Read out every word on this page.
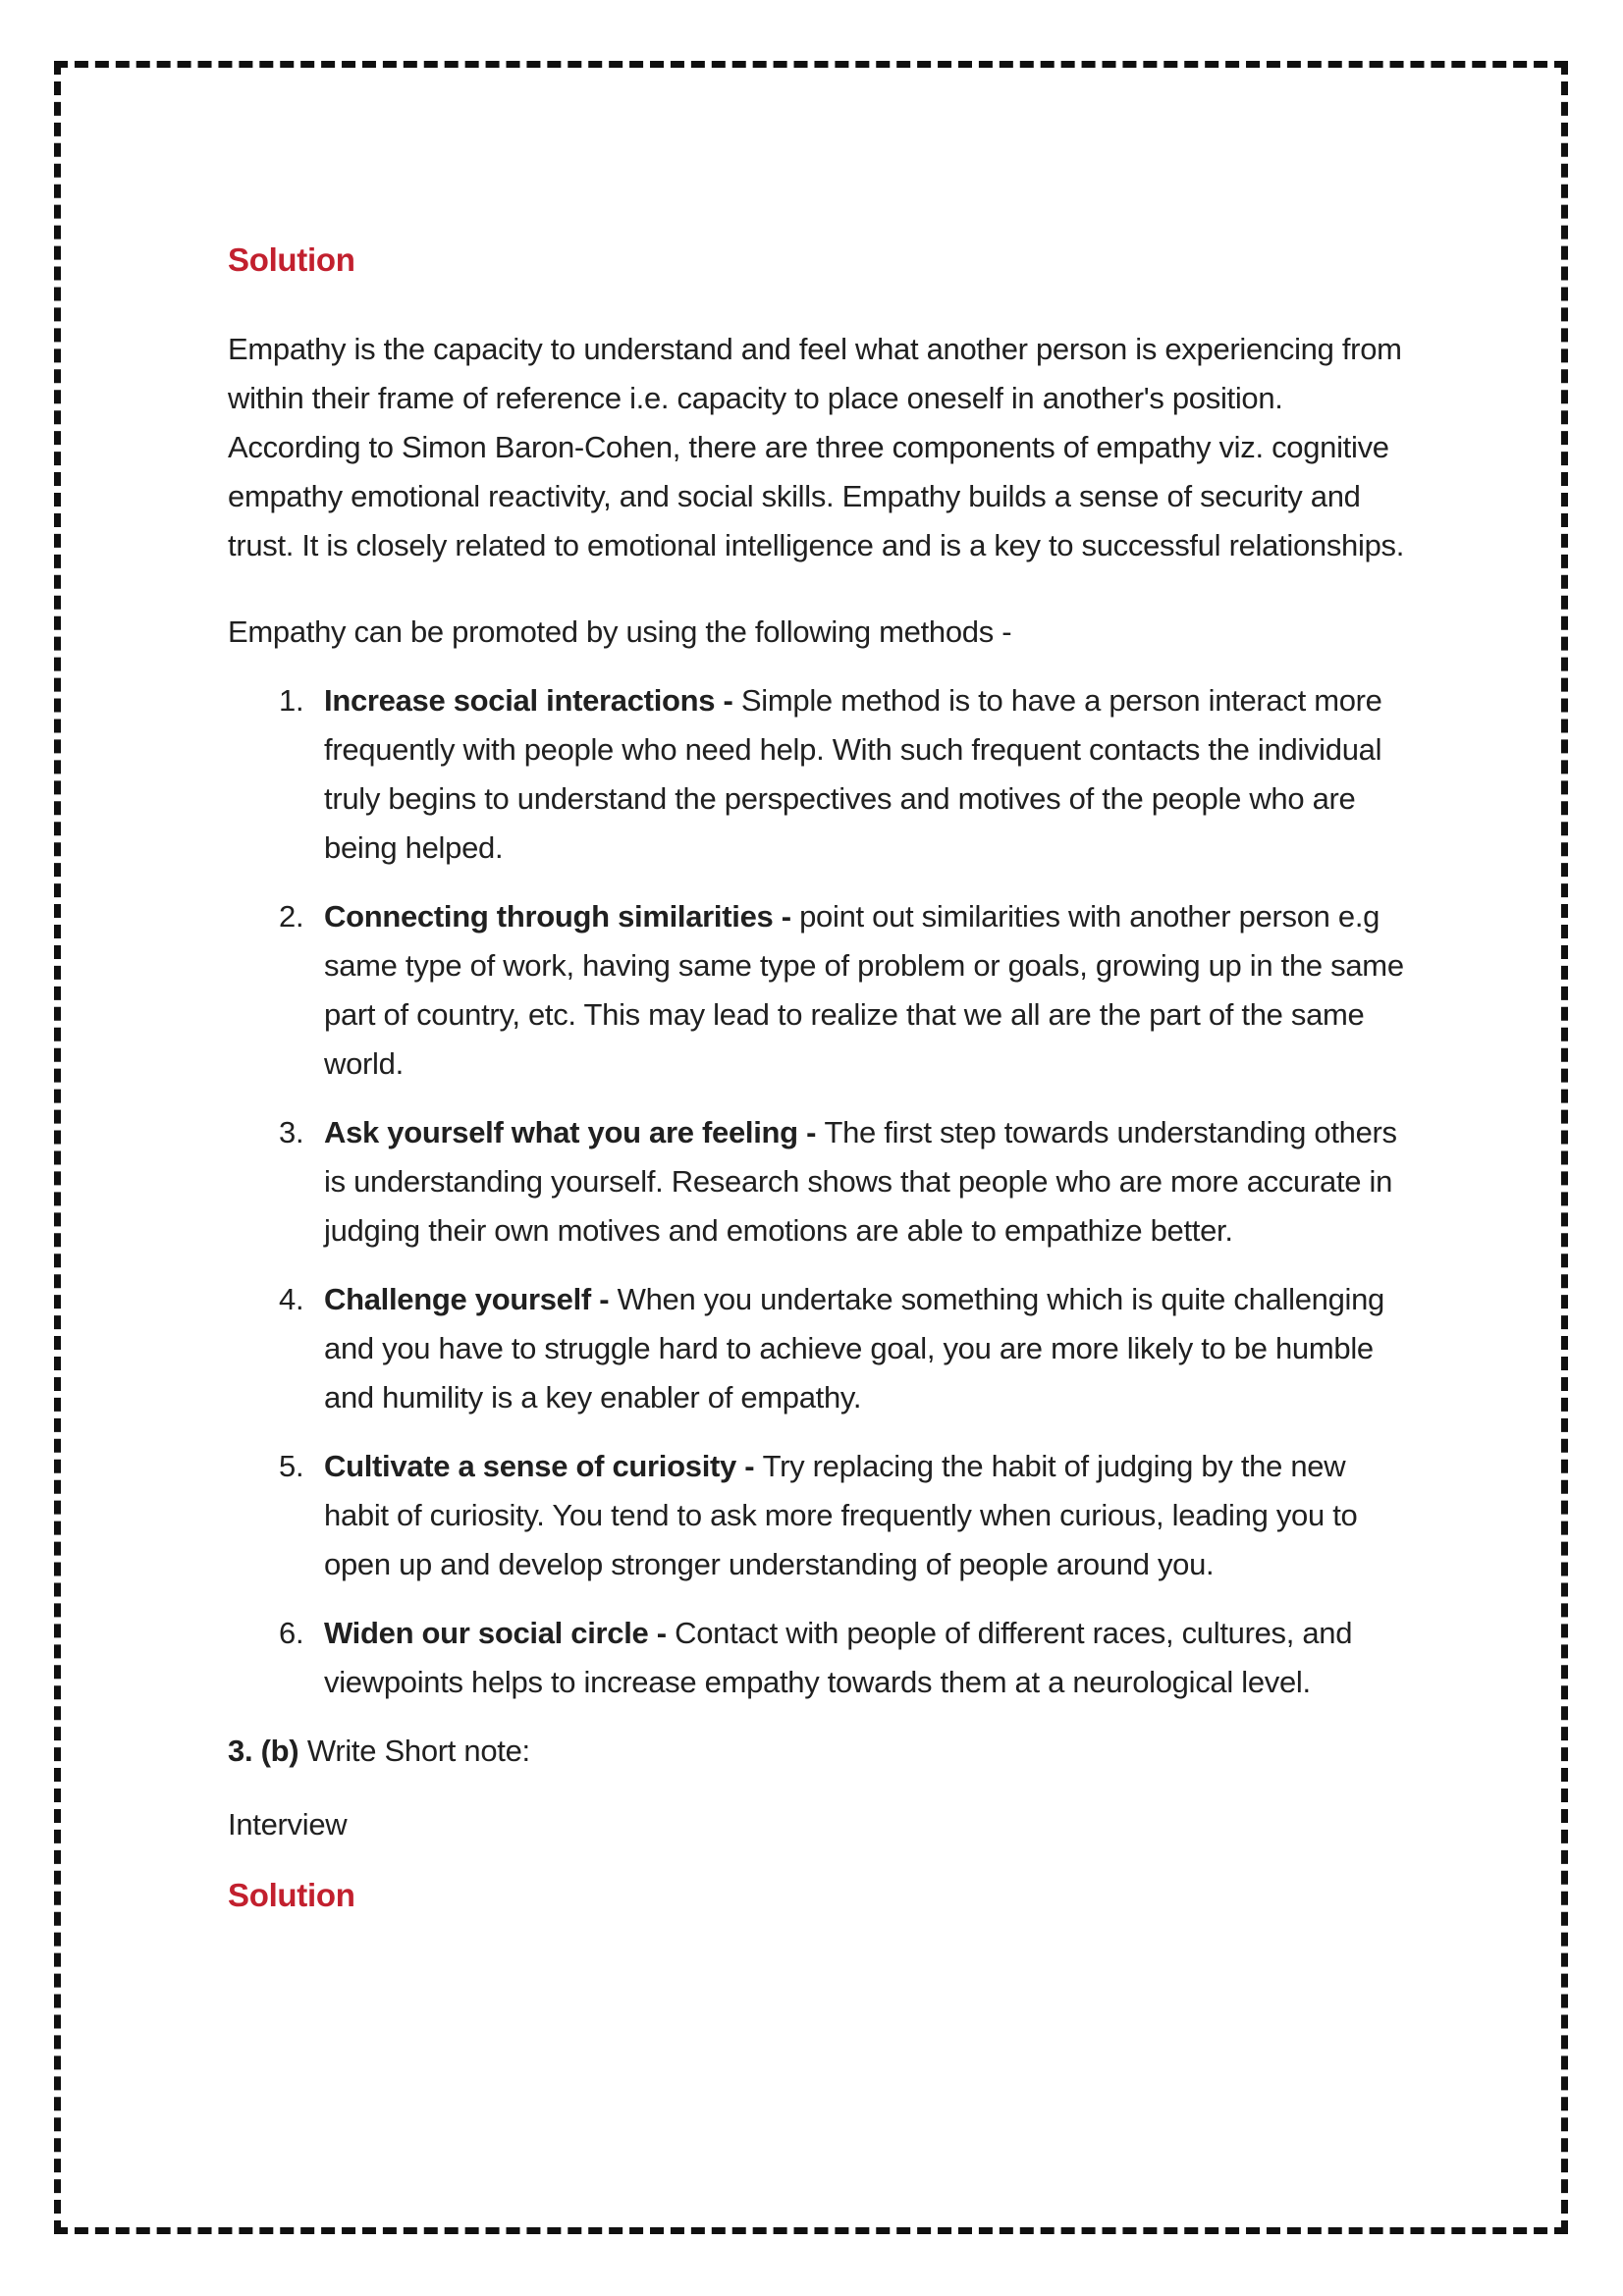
Solution

Empathy is the capacity to understand and feel what another person is experiencing from within their frame of reference i.e. capacity to place oneself in another's position. According to Simon Baron-Cohen, there are three components of empathy viz. cognitive empathy emotional reactivity, and social skills. Empathy builds a sense of security and trust. It is closely related to emotional intelligence and is a key to successful relationships.

Empathy can be promoted by using the following methods -

1. Increase social interactions - Simple method is to have a person interact more frequently with people who need help. With such frequent contacts the individual truly begins to understand the perspectives and motives of the people who are being helped.
2. Connecting through similarities - point out similarities with another person e.g same type of work, having same type of problem or goals, growing up in the same part of country, etc. This may lead to realize that we all are the part of the same world.
3. Ask yourself what you are feeling - The first step towards understanding others is understanding yourself. Research shows that people who are more accurate in judging their own motives and emotions are able to empathize better.
4. Challenge yourself - When you undertake something which is quite challenging and you have to struggle hard to achieve goal, you are more likely to be humble and humility is a key enabler of empathy.
5. Cultivate a sense of curiosity - Try replacing the habit of judging by the new habit of curiosity. You tend to ask more frequently when curious, leading you to open up and develop stronger understanding of people around you.
6. Widen our social circle - Contact with people of different races, cultures, and viewpoints helps to increase empathy towards them at a neurological level.

3. (b) Write Short note:

Interview

Solution
